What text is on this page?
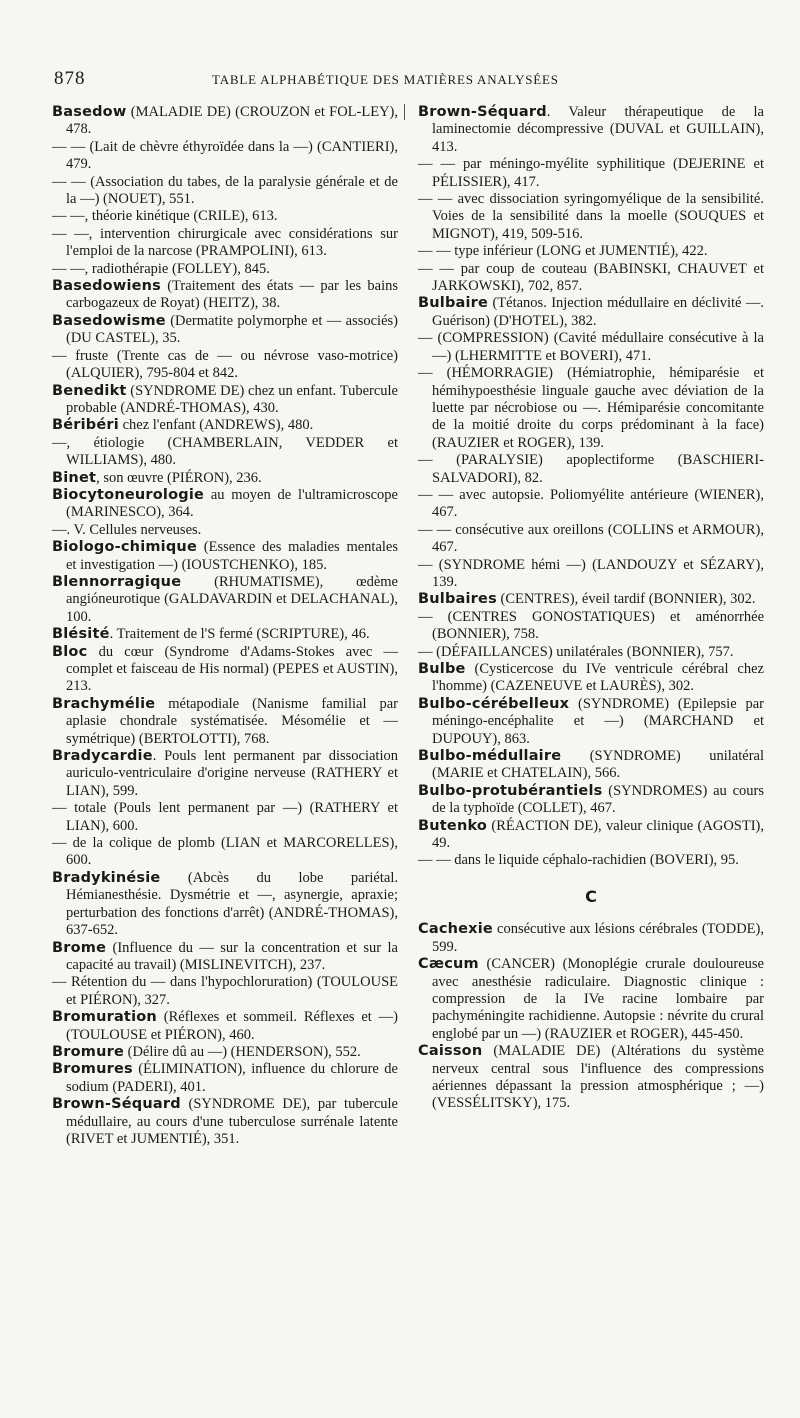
878	TABLE ALPHABÉTIQUE DES MATIÈRES ANALYSÉES

Basedow (MALADIE DE) (CROUZON et FOL-LEY), 478.

— — (Lait de chèvre éthyroïdée dans la —) (CANTIERI), 479.

— — (Association du tabes, de la paralysie générale et de la —) (NOUET), 551.

— —, théorie kinétique (CRILE), 613.

— —, intervention chirurgicale avec considérations sur l'emploi de la narcose (PRAMPOLINI), 613.

— —, radiothérapie (FOLLEY), 845.

Basedowiens (Traitement des états — par les bains carbogazeux de Royat) (HEITZ), 38.

Basedowisme (Dermatite polymorphe et — associés) (DU CASTEL), 35.

— fruste (Trente cas de — ou névrose vaso-motrice) (ALQUIER), 795-804 et 842.

Benedikt (SYNDROME DE) chez un enfant. Tubercule probable (ANDRÉ-THOMAS), 430.

Béribéri chez l'enfant (ANDREWS), 480.

—, étiologie (CHAMBERLAIN, VEDDER et WILLIAMS), 480.

Binet, son œuvre (PIÉRON), 236.

Biocytoneurologie au moyen de l'ultramicroscope (MARINESCO), 364.

—. V. Cellules nerveuses.

Biologo-chimique (Essence des maladies mentales et investigation —) (IOUSTCHENKO), 185.

Blennorragique (RHUMATISME), œdème angióneurotique (GALDAVARDIN et DELACHANAL), 100.

Blésité. Traitement de l'S fermé (SCRIPTURE), 46.

Bloc du cœur (Syndrome d'Adams-Stokes avec — complet et faisceau de His normal) (PEPES et AUSTIN), 213.

Brachymélie métapodiale (Nanisme familial par aplasie chondrale systématisée. Mésomélie et — symétrique) (BERTOLOTTI), 768.

Bradycardie. Pouls lent permanent par dissociation auriculo-ventriculaire d'origine nerveuse (RATHERY et LIAN), 599.

— totale (Pouls lent permanent par —) (RATHERY et LIAN), 600.

— de la colique de plomb (LIAN et MARCORELLES), 600.

Bradykinésie (Abcès du lobe pariétal. Hémianesthésie. Dysmétrie et —, asynergie, apraxie; perturbation des fonctions d'arrêt) (ANDRÉ-THOMAS), 637-652.

Brome (Influence du — sur la concentration et sur la capacité au travail) (MISLINEVITCH), 237.

— Rétention du — dans l'hypochloruration) (TOULOUSE et PIÉRON), 327.

Bromuration (Réflexes et sommeil. Réflexes et —) (TOULOUSE et PIÉRON), 460.

Bromure (Délire dû au —) (HENDERSON), 552.

Bromures (ÉLIMINATION), influence du chlorure de sodium (PADERI), 401.

Brown-Séquard (SYNDROME DE), par tubercule médullaire, au cours d'une tuberculose surrénale latente (RIVET et JUMENTIÉ), 351.

Brown-Séquard. Valeur thérapeutique de la laminectomie décompressive (DUVAL et GUILLAIN), 413.

— — par méningo-myélite syphilitique (DEJERINE et PÉLISSIER), 417.

— — avec dissociation syringomyélique de la sensibilité. Voies de la sensibilité dans la moelle (SOUQUES et MIGNOT), 419, 509-516.

— — type inférieur (LONG et JUMENTIÉ), 422.

— — par coup de couteau (BABINSKI, CHAUVET et JARKOWSKI), 702, 857.

Bulbaire (Tétanos. Injection médullaire en déclivité —. Guérison) (D'HOTEL), 382.

— (COMPRESSION) (Cavité médullaire consécutive à la —) (LHERMITTE et BOVERI), 471.

— (HÉMORRAGIE) (Hémiatrophie, hémiparésie et hémihypoesthésie linguale gauche avec déviation de la luette par nécrobiose ou —. Hémiparésie concomitante de la moitié droite du corps prédominant à la face) (RAUZIER et ROGER), 139.

— (PARALYSIE) apoplectiforme (BASCHIERI-SALVADORI), 82.

— — avec autopsie. Poliomyélite antérieure (WIENER), 467.

— — consécutive aux oreillons (COLLINS et ARMOUR), 467.

— (SYNDROME hémi —) (LANDOUZY et SÉZARY), 139.

Bulbaires (CENTRES), éveil tardif (BONNIER), 302.

— (CENTRES GONOSTATIQUES) et aménorrhée (BONNIER), 758.

— (DÉFAILLANCES) unilatérales (BONNIER), 757.

Bulbe (Cysticercose du IVe ventricule cérébral chez l'homme) (CAZENEUVE et LAURÈS), 302.

Bulbo-cérébelleux (SYNDROME) (Epilepsie par méningo-encéphalite et —) (MARCHAND et DUPOUY), 863.

Bulbo-médullaire (SYNDROME) unilatéral (MARIE et CHATELAIN), 566.

Bulbo-protubérantiels (SYNDROMES) au cours de la typhoïde (COLLET), 467.

Butenko (RÉACTION DE), valeur clinique (AGOSTI), 49.

— — dans le liquide céphalo-rachidien (BOVERI), 95.

C

Cachexie consécutive aux lésions cérébrales (TODDE), 599.

Cæcum (CANCER) (Monoplégie crurale douloureuse avec anesthésie radiculaire. Diagnostic clinique : compression de la IVe racine lombaire par pachyméningite rachidienne. Autopsie : névrite du crural englobé par un —) (RAUZIER et ROGER), 445-450.

Caisson (MALADIE DE) (Altérations du système nerveux central sous l'influence des compressions aériennes dépassant la pression atmosphérique ; —) (VESSÉLITSKY), 175.
